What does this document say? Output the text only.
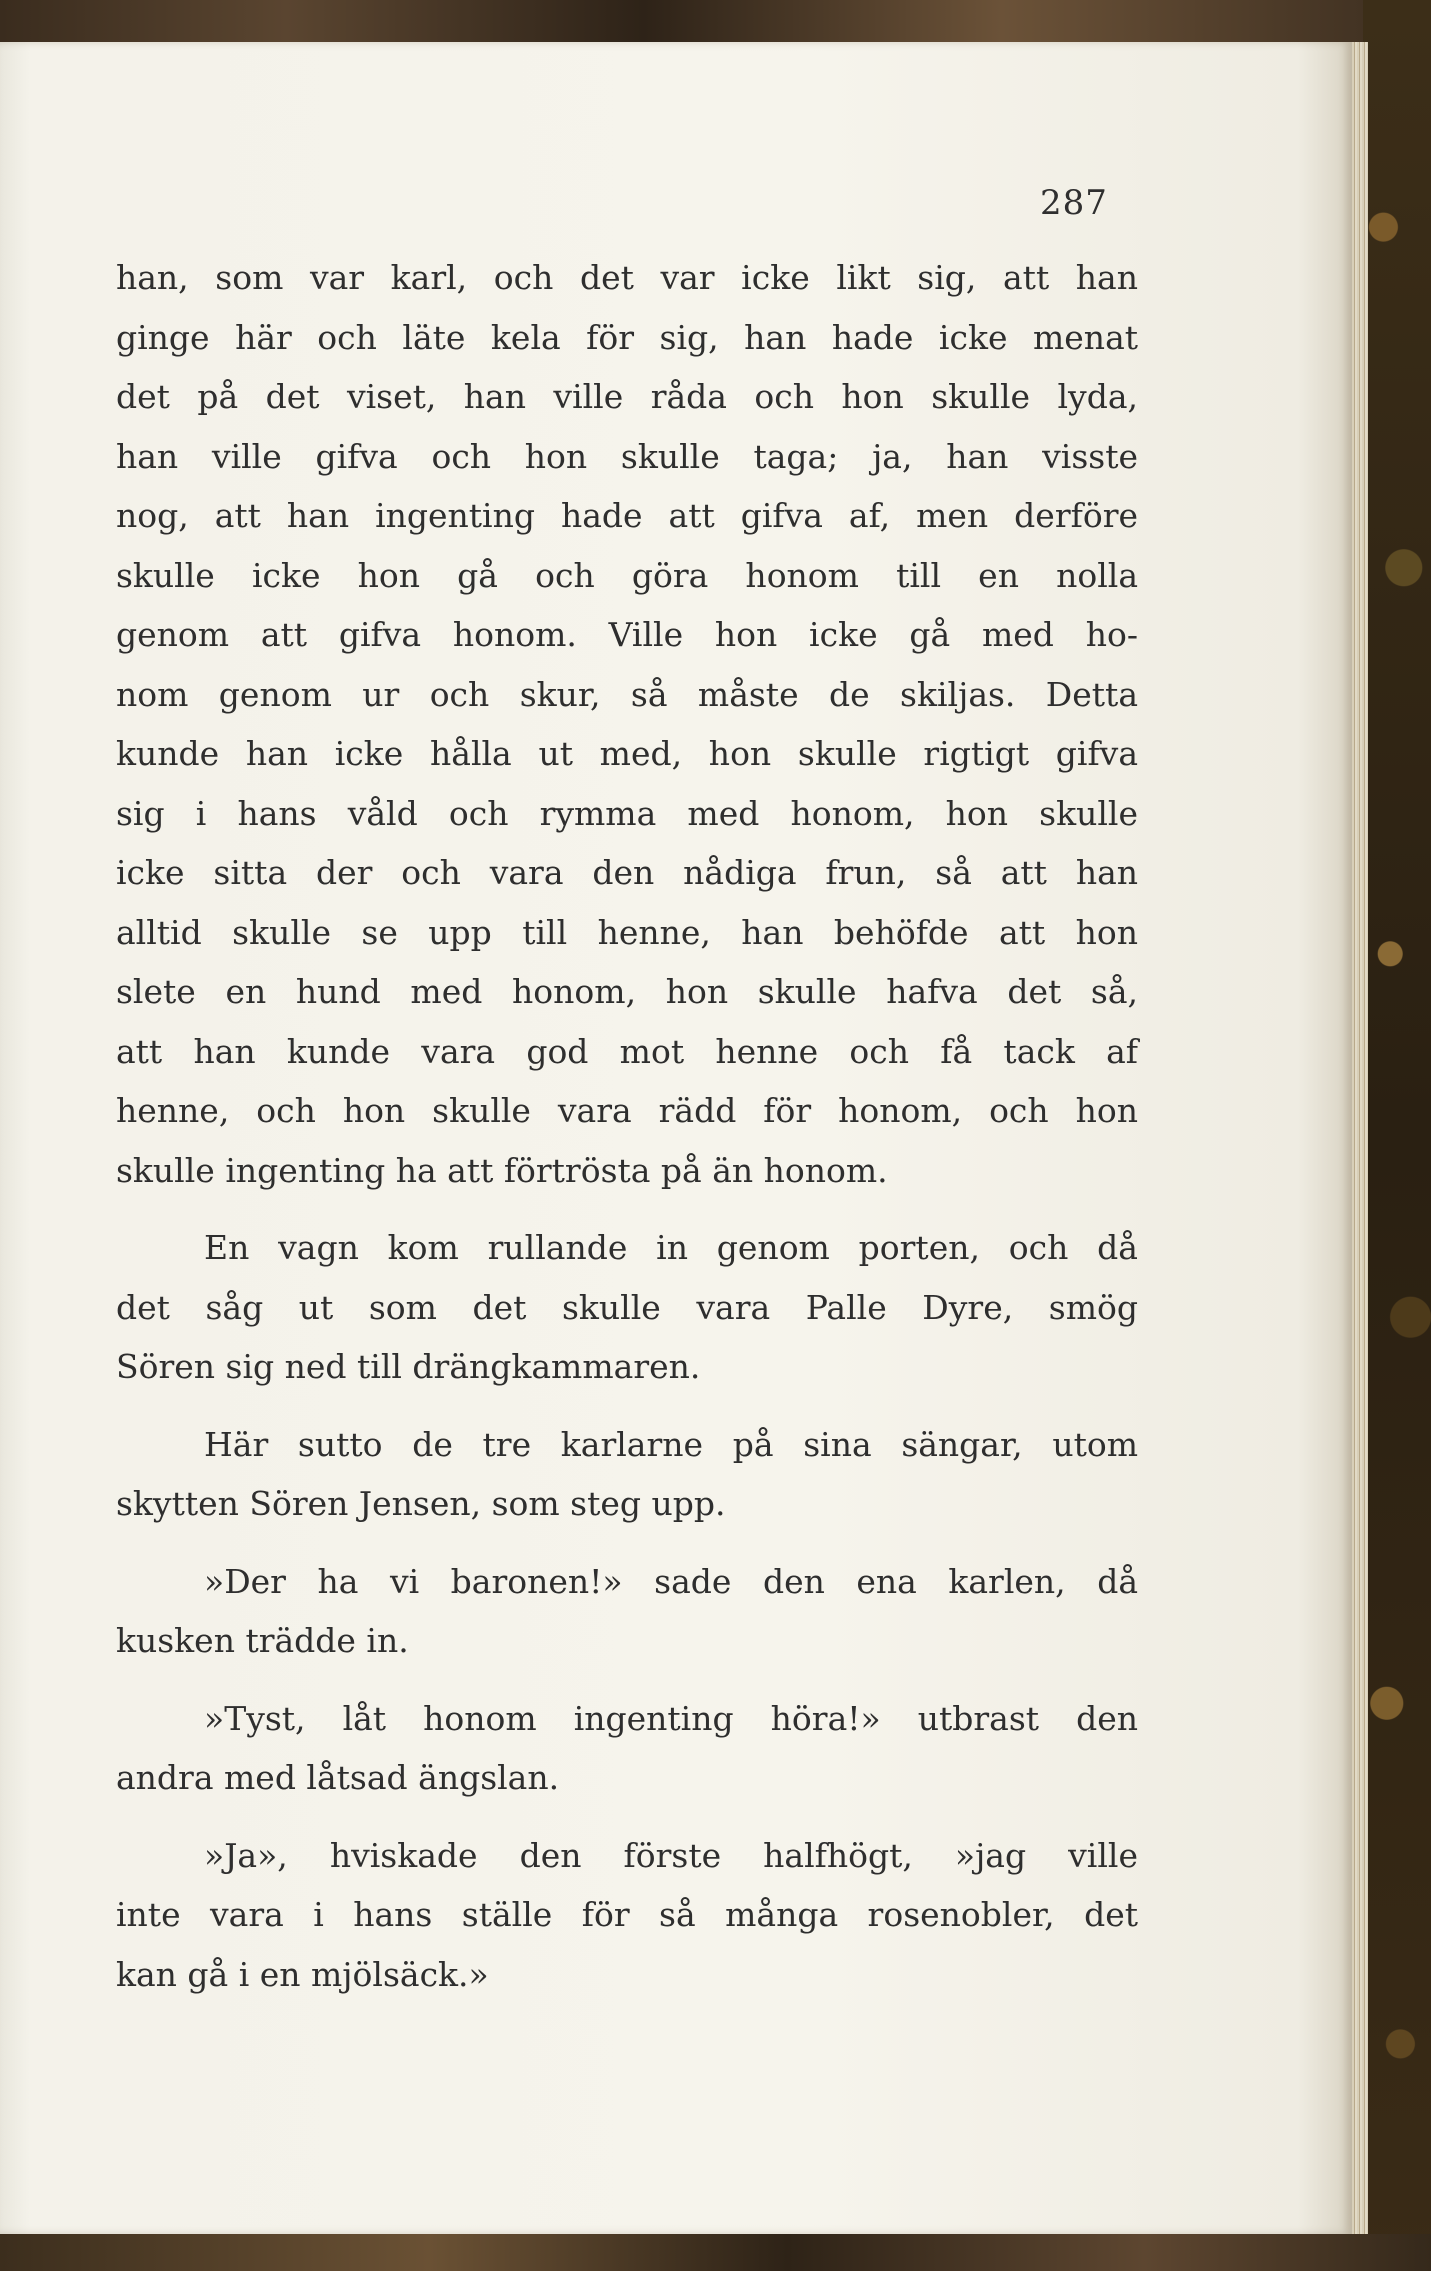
287
han, som var karl, och det var icke likt sig, att han
ginge här och läte kela för sig, han hade icke menat
det på det viset, han ville råda och hon skulle lyda,
han ville gifva och hon skulle taga; ja, han visste
nog, att han ingenting hade att gifva af, men derföre
skulle icke hon gå och göra honom till en nolla
genom att gifva honom. Ville hon icke gå med ho-
nom genom ur och skur, så måste de skiljas. Detta
kunde han icke hålla ut med, hon skulle rigtigt gifva
sig i hans våld och rymma med honom, hon skulle
icke sitta der och vara den nådiga frun, så att han
alltid skulle se upp till henne, han behöfde att hon
slete en hund med honom, hon skulle hafva det så,
att han kunde vara god mot henne och få tack af
henne, och hon skulle vara rädd för honom, och hon
skulle ingenting ha att förtrösta på än honom.
En vagn kom rullande in genom porten, och då
det såg ut som det skulle vara Palle Dyre, smög
Sören sig ned till drängkammaren.
Här sutto de tre karlarne på sina sängar, utom
skytten Sören Jensen, som steg upp.
»Der ha vi baronen!» sade den ena karlen, då
kusken trädde in.
»Tyst, låt honom ingenting höra!» utbrast den
andra med låtsad ängslan.
»Ja», hviskade den förste halfhögt, »jag ville
inte vara i hans ställe för så många rosenobler, det
kan gå i en mjölsäck.»
